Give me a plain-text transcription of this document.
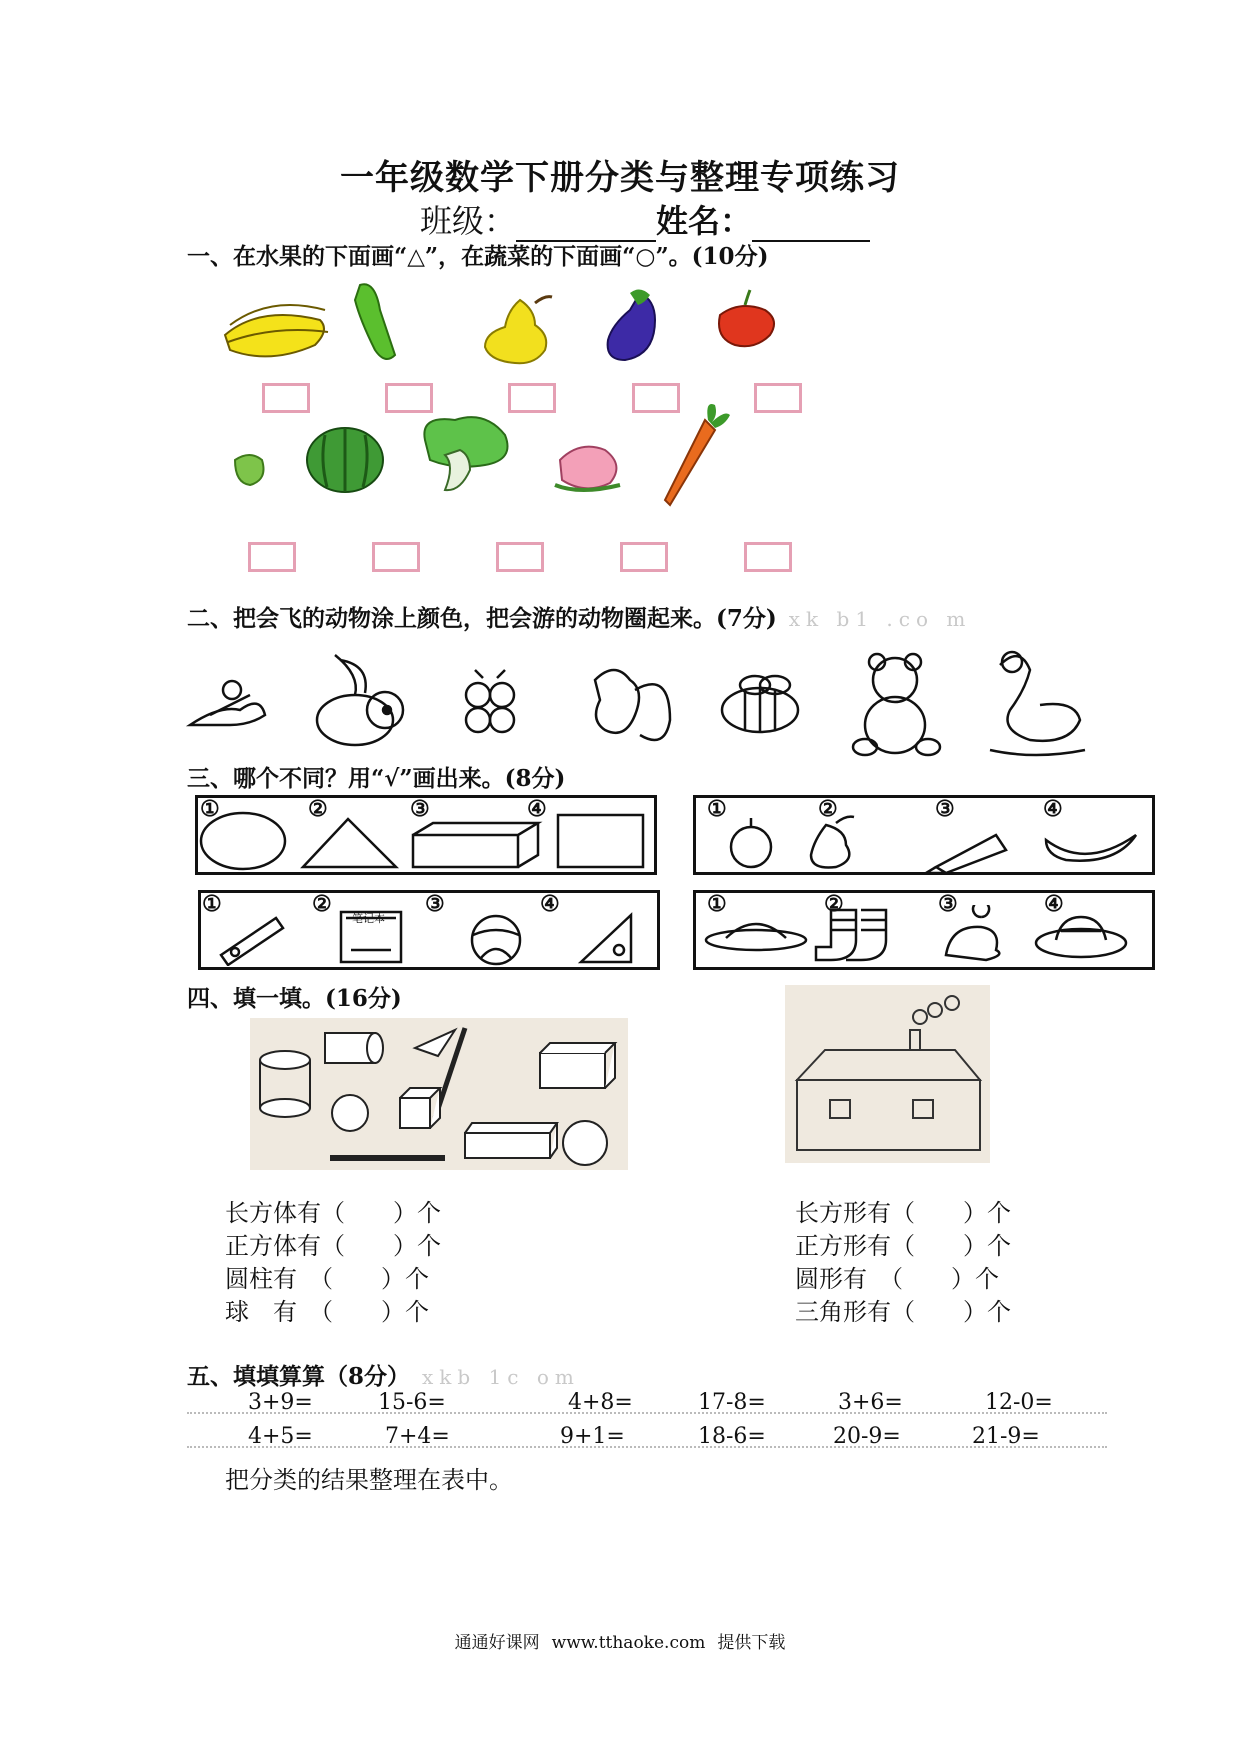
一年级数学下册分类与整理专项练习
班级：	姓名：
一、在水果的下面画“△”，在蔬菜的下面画“○”。(10分)
二、把会飞的动物涂上颜色，把会游的动物圈起来。(7分) xk b1 .co m
三、哪个不同？用“√”画出来。(8分)
①	②	③	④	①	②	③	④
①	②	③	④
笔记本
①	②	③	④
四、填一填。(16分)
长方体有（　　）个
正方体有（　　）个
圆柱有　（　　）个
球　有　（　　）个
长方形有（　　）个
正方形有（　　）个
圆形有　（　　）个
三角形有（　　）个
五、填填算算（8分） xkb 1c om
3+9=	15-6=	4+8=	17-8=	3+6=	12-0=
4+5=	7+4=	9+1=	18-6=	20-9=	21-9=
把分类的结果整理在表中。
通通好课网 www.tthaoke.com 提供下载
